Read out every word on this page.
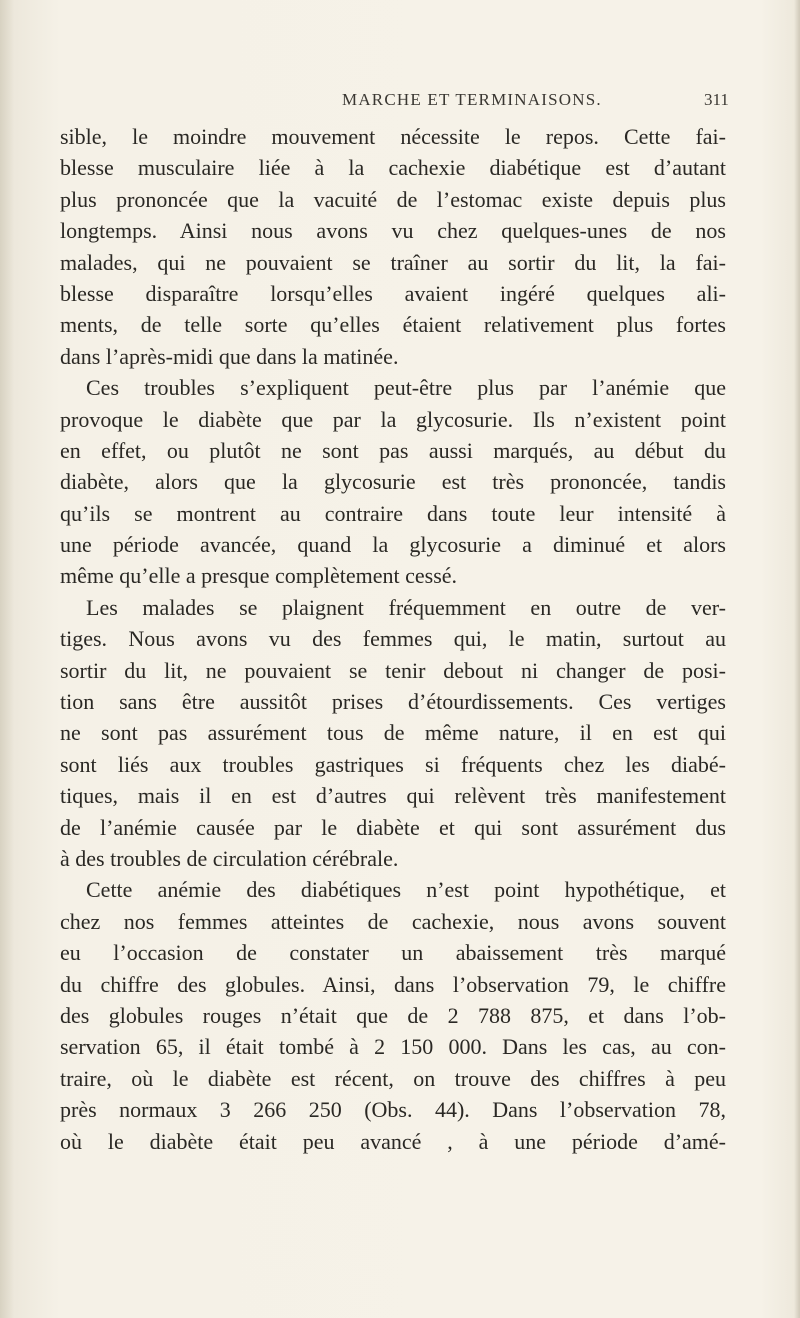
MARCHE ET TERMINAISONS.	311
sible, le moindre mouvement nécessite le repos. Cette fai-
blesse musculaire liée à la cachexie diabétique est d’autant
plus prononcée que la vacuité de l’estomac existe depuis plus
longtemps. Ainsi nous avons vu chez quelques-unes de nos
malades, qui ne pouvaient se traîner au sortir du lit, la fai-
blesse disparaître lorsqu’elles avaient ingéré quelques ali-
ments, de telle sorte qu’elles étaient relativement plus fortes
dans l’après-midi que dans la matinée.
Ces troubles s’expliquent peut-être plus par l’anémie que
provoque le diabète que par la glycosurie. Ils n’existent point
en effet, ou plutôt ne sont pas aussi marqués, au début du
diabète, alors que la glycosurie est très prononcée, tandis
qu’ils se montrent au contraire dans toute leur intensité à
une période avancée, quand la glycosurie a diminué et alors
même qu’elle a presque complètement cessé.
Les malades se plaignent fréquemment en outre de ver-
tiges. Nous avons vu des femmes qui, le matin, surtout au
sortir du lit, ne pouvaient se tenir debout ni changer de posi-
tion sans être aussitôt prises d’étourdissements. Ces vertiges
ne sont pas assurément tous de même nature, il en est qui
sont liés aux troubles gastriques si fréquents chez les diabé-
tiques, mais il en est d’autres qui relèvent très manifestement
de l’anémie causée par le diabète et qui sont assurément dus
à des troubles de circulation cérébrale.
Cette anémie des diabétiques n’est point hypothétique, et
chez nos femmes atteintes de cachexie, nous avons souvent
eu l’occasion de constater un abaissement très marqué
du chiffre des globules. Ainsi, dans l’observation 79, le chiffre
des globules rouges n’était que de 2 788 875, et dans l’ob-
servation 65, il était tombé à 2 150 000. Dans les cas, au con-
traire, où le diabète est récent, on trouve des chiffres à peu
près normaux 3 266 250 (Obs. 44). Dans l’observation 78,
où le diabète était peu avancé , à une période d’amé-
